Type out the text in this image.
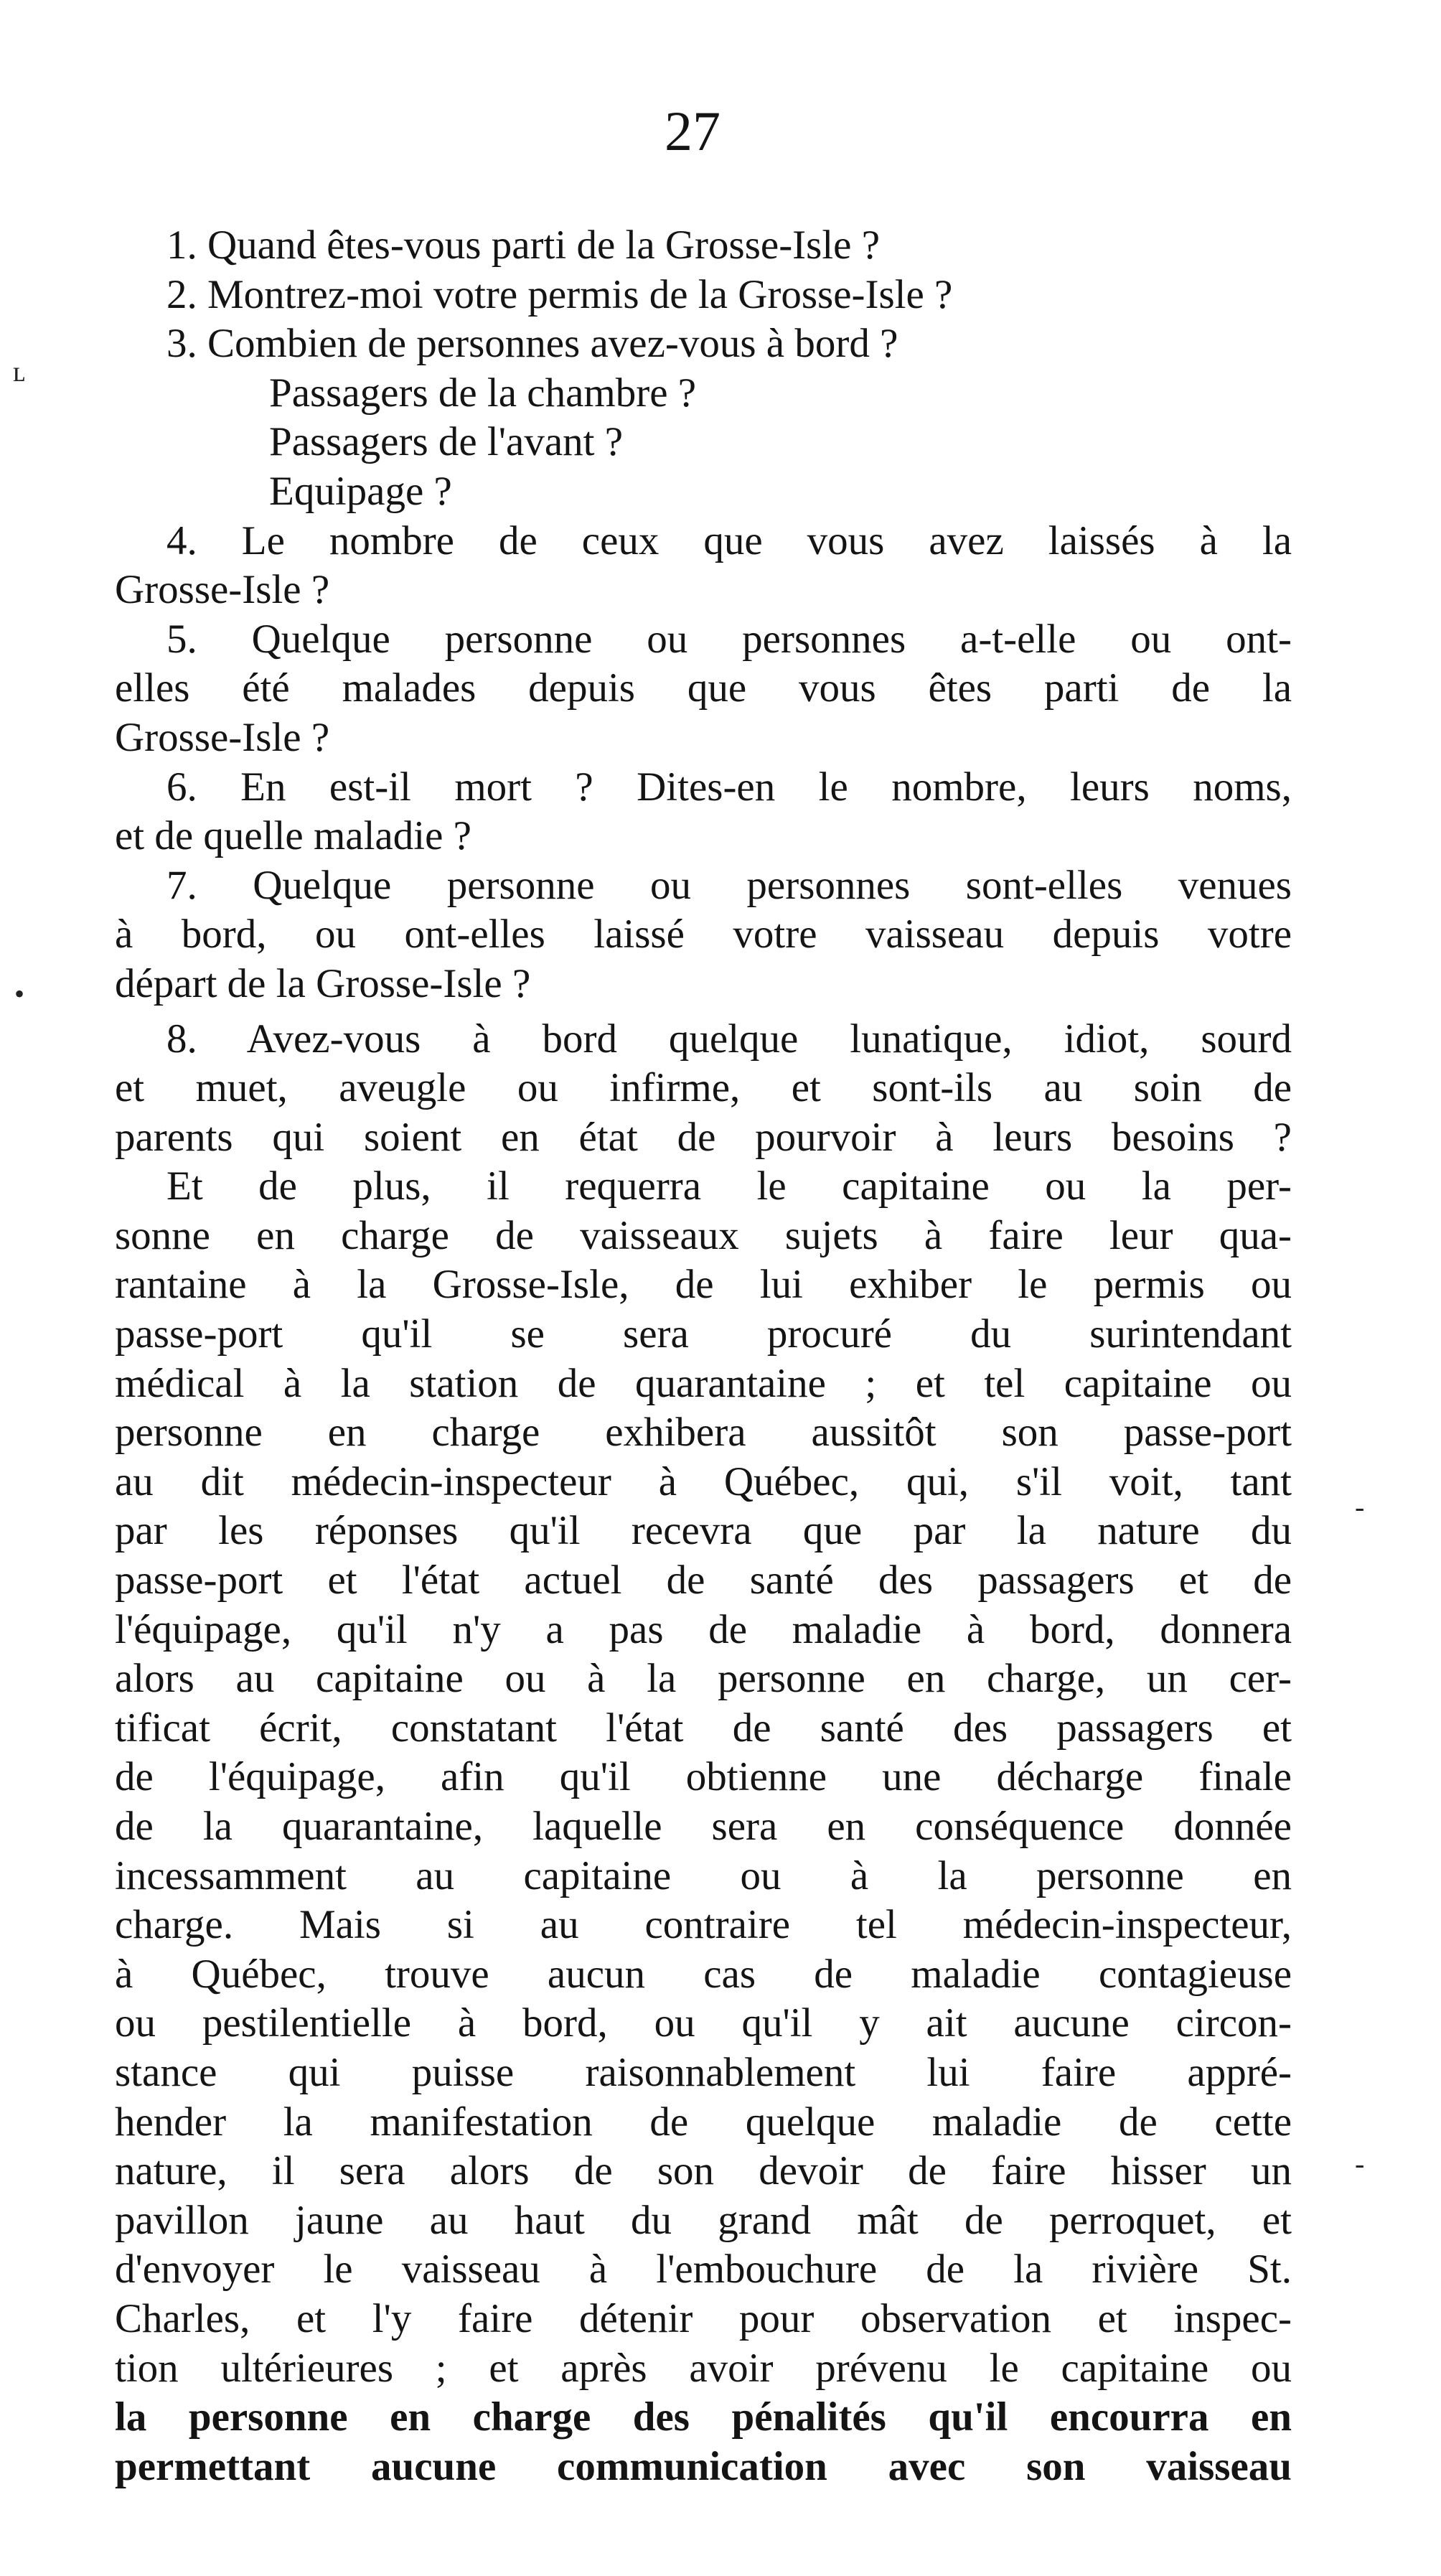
27
ʟ
•
-
-
1. Quand êtes-vous parti de la Grosse-Isle ?
2. Montrez-moi votre permis de la Grosse-Isle ?
3. Combien de personnes avez-vous à bord ?
Passagers de la chambre ?
Passagers de l'avant ?
Equipage ?
4. Le nombre de ceux que vous avez laissés à la
Grosse-Isle ?
5. Quelque personne ou personnes a-t-elle ou ont-
elles été malades depuis que vous êtes parti de la
Grosse-Isle ?
6. En est-il mort ? Dites-en le nombre, leurs noms,
et de quelle maladie ?
7. Quelque personne ou personnes sont-elles venues
à bord, ou ont-elles laissé votre vaisseau depuis votre
départ de la Grosse-Isle ?
8. Avez-vous à bord quelque lunatique, idiot, sourd
et muet, aveugle ou infirme, et sont-ils au soin de
parents qui soient en état de pourvoir à leurs besoins ?
Et de plus, il requerra le capitaine ou la per-
sonne en charge de vaisseaux sujets à faire leur qua-
rantaine à la Grosse-Isle, de lui exhiber le permis ou
passe-port qu'il se sera procuré du surintendant
médical à la station de quarantaine ; et tel capitaine ou
personne en charge exhibera aussitôt son passe-port
au dit médecin-inspecteur à Québec, qui, s'il voit, tant
par les réponses qu'il recevra que par la nature du
passe-port et l'état actuel de santé des passagers et de
l'équipage, qu'il n'y a pas de maladie à bord, donnera
alors au capitaine ou à la personne en charge, un cer-
tificat écrit, constatant l'état de santé des passagers et
de l'équipage, afin qu'il obtienne une décharge finale
de la quarantaine, laquelle sera en conséquence donnée
incessamment au capitaine ou à la personne en
charge. Mais si au contraire tel médecin-inspecteur,
à Québec, trouve aucun cas de maladie contagieuse
ou pestilentielle à bord, ou qu'il y ait aucune circon-
stance qui puisse raisonnablement lui faire appré-
hender la manifestation de quelque maladie de cette
nature, il sera alors de son devoir de faire hisser un
pavillon jaune au haut du grand mât de perroquet, et
d'envoyer le vaisseau à l'embouchure de la rivière St.
Charles, et l'y faire détenir pour observation et inspec-
tion ultérieures ; et après avoir prévenu le capitaine ou
la personne en charge des pénalités qu'il encourra en
permettant aucune communication avec son vaisseau
